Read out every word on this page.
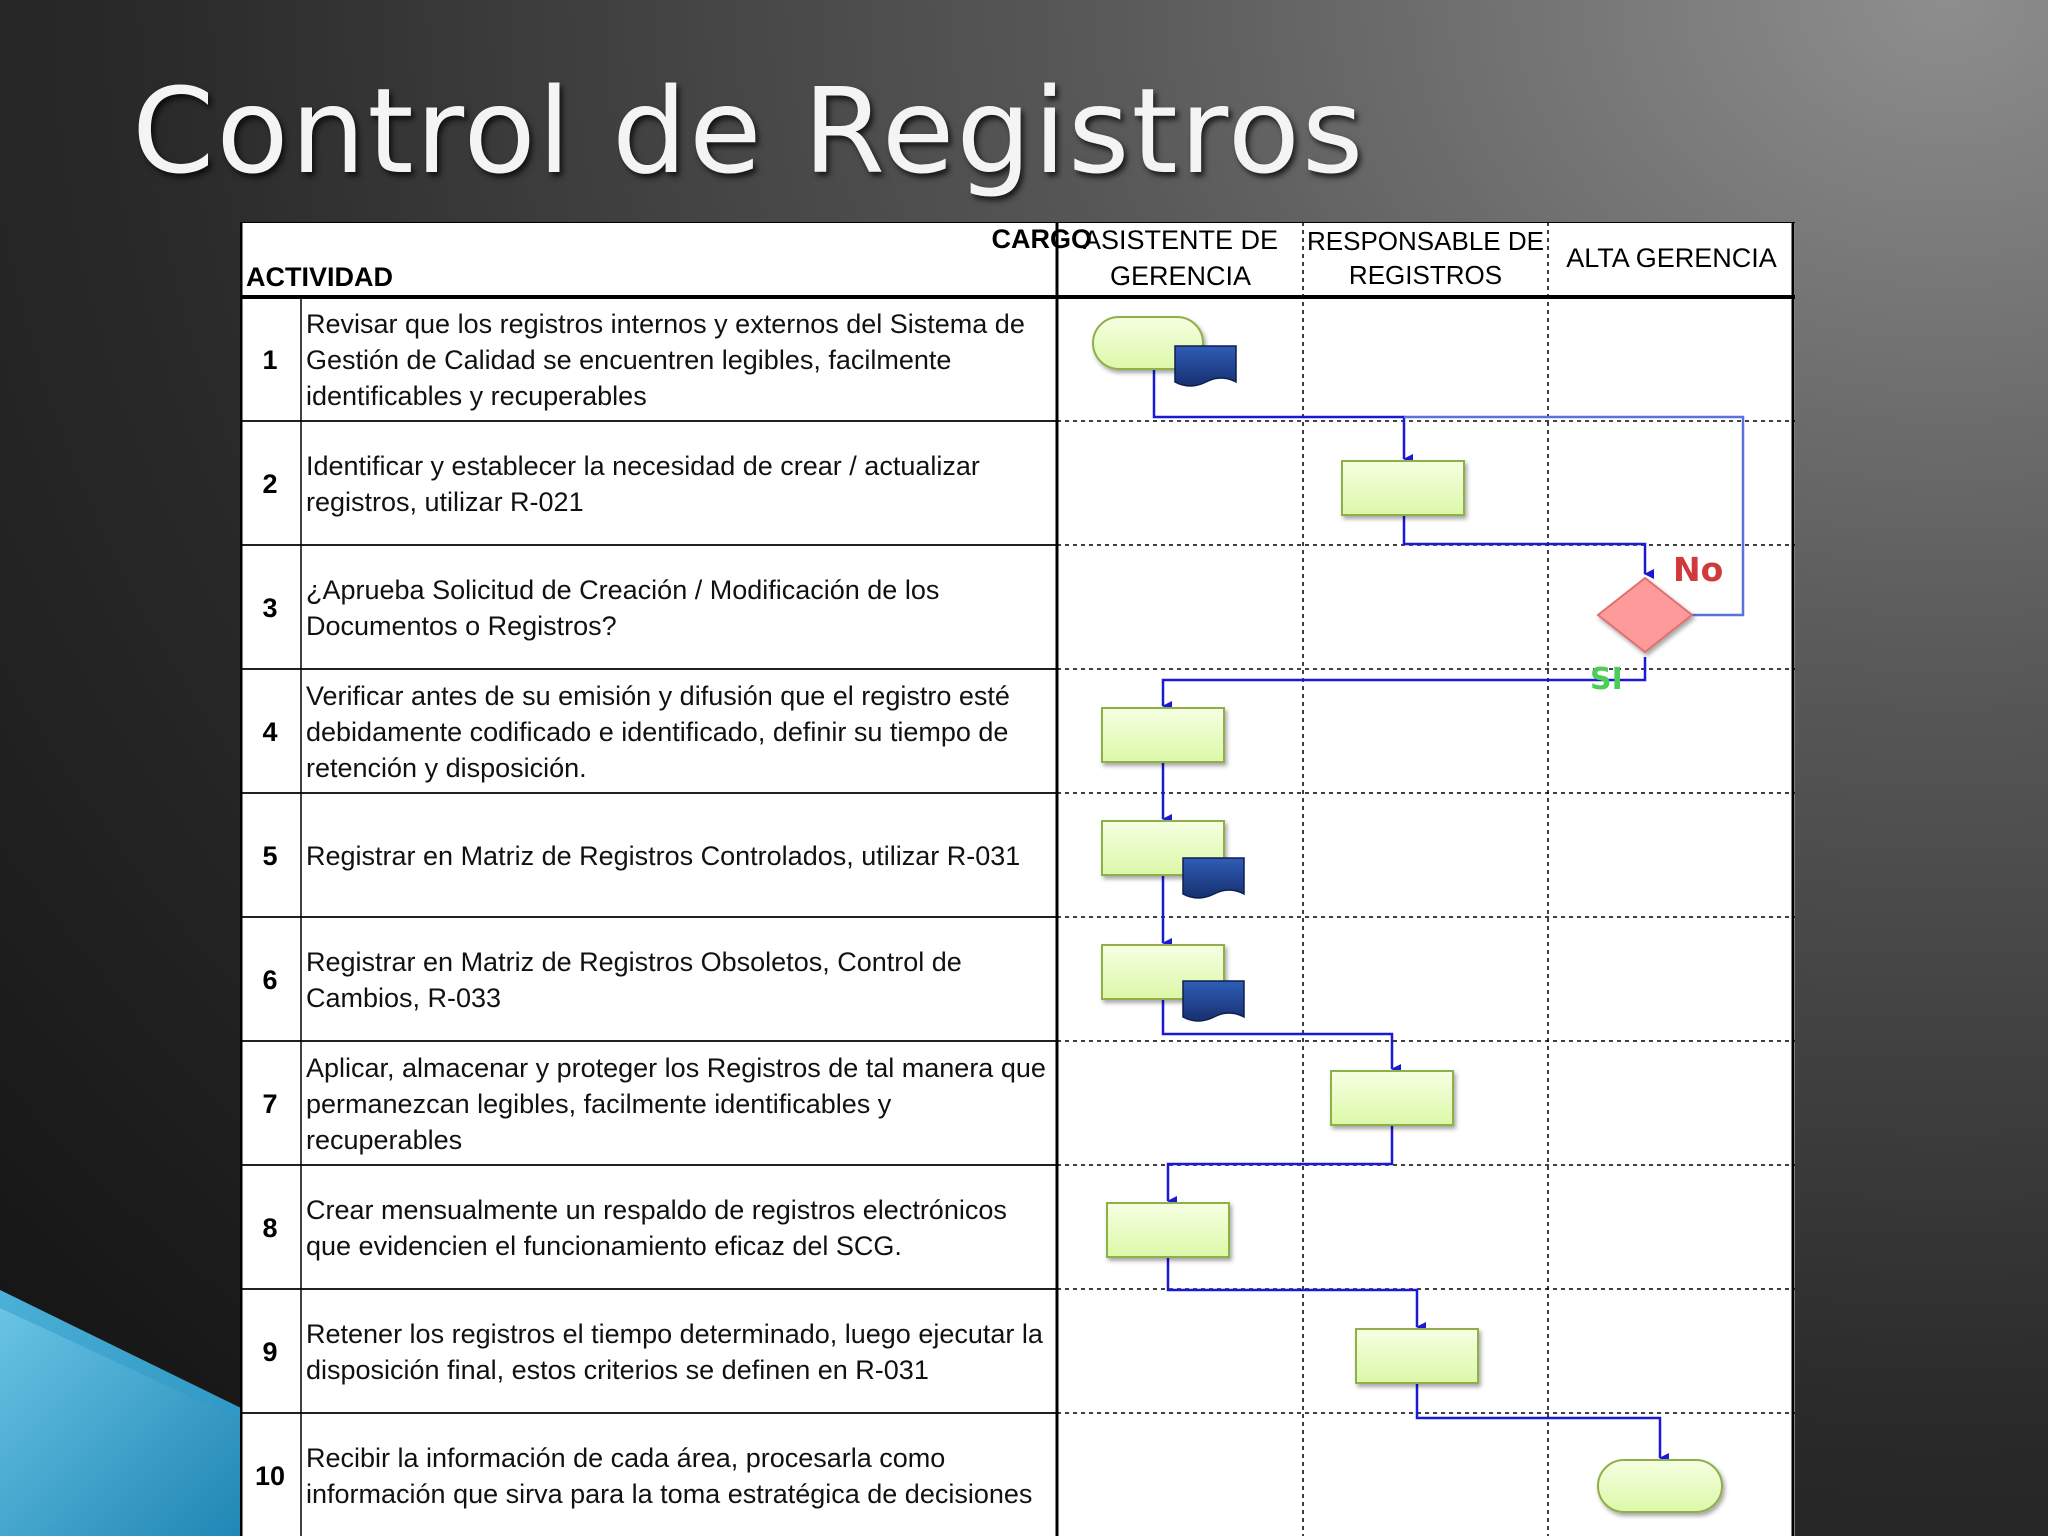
Control de Registros
CARGO
ACTIVIDAD
ASISTENTE DE GERENCIA
RESPONSABLE DE REGISTROS
ALTA GERENCIA
1
Revisar que los registros internos y externos del Sistema de Gestión de Calidad se encuentren legibles, facilmente identificables y recuperables
2
Identificar y establecer la necesidad de crear / actualizar registros, utilizar R-021
3
¿Aprueba Solicitud de Creación / Modificación de los Documentos o Registros?
4
Verificar antes de su emisión y difusión que el registro esté debidamente codificado e identificado, definir su tiempo de retención y disposición.
5	Registrar en Matriz de Registros Controlados, utilizar R-031
6
Registrar en Matriz de Registros Obsoletos, Control de Cambios, R-033
7
Aplicar, almacenar y proteger los Registros de tal manera que permanezcan legibles, facilmente identificables y recuperables
8
Crear mensualmente un respaldo de registros electrónicos que evidencien el funcionamiento eficaz del SCG.
9
Retener los registros el tiempo determinado, luego ejecutar la disposición final, estos criterios se definen en R-031
10
Recibir la información de cada área, procesarla como información que sirva para la toma estratégica de decisiones
No
SI
